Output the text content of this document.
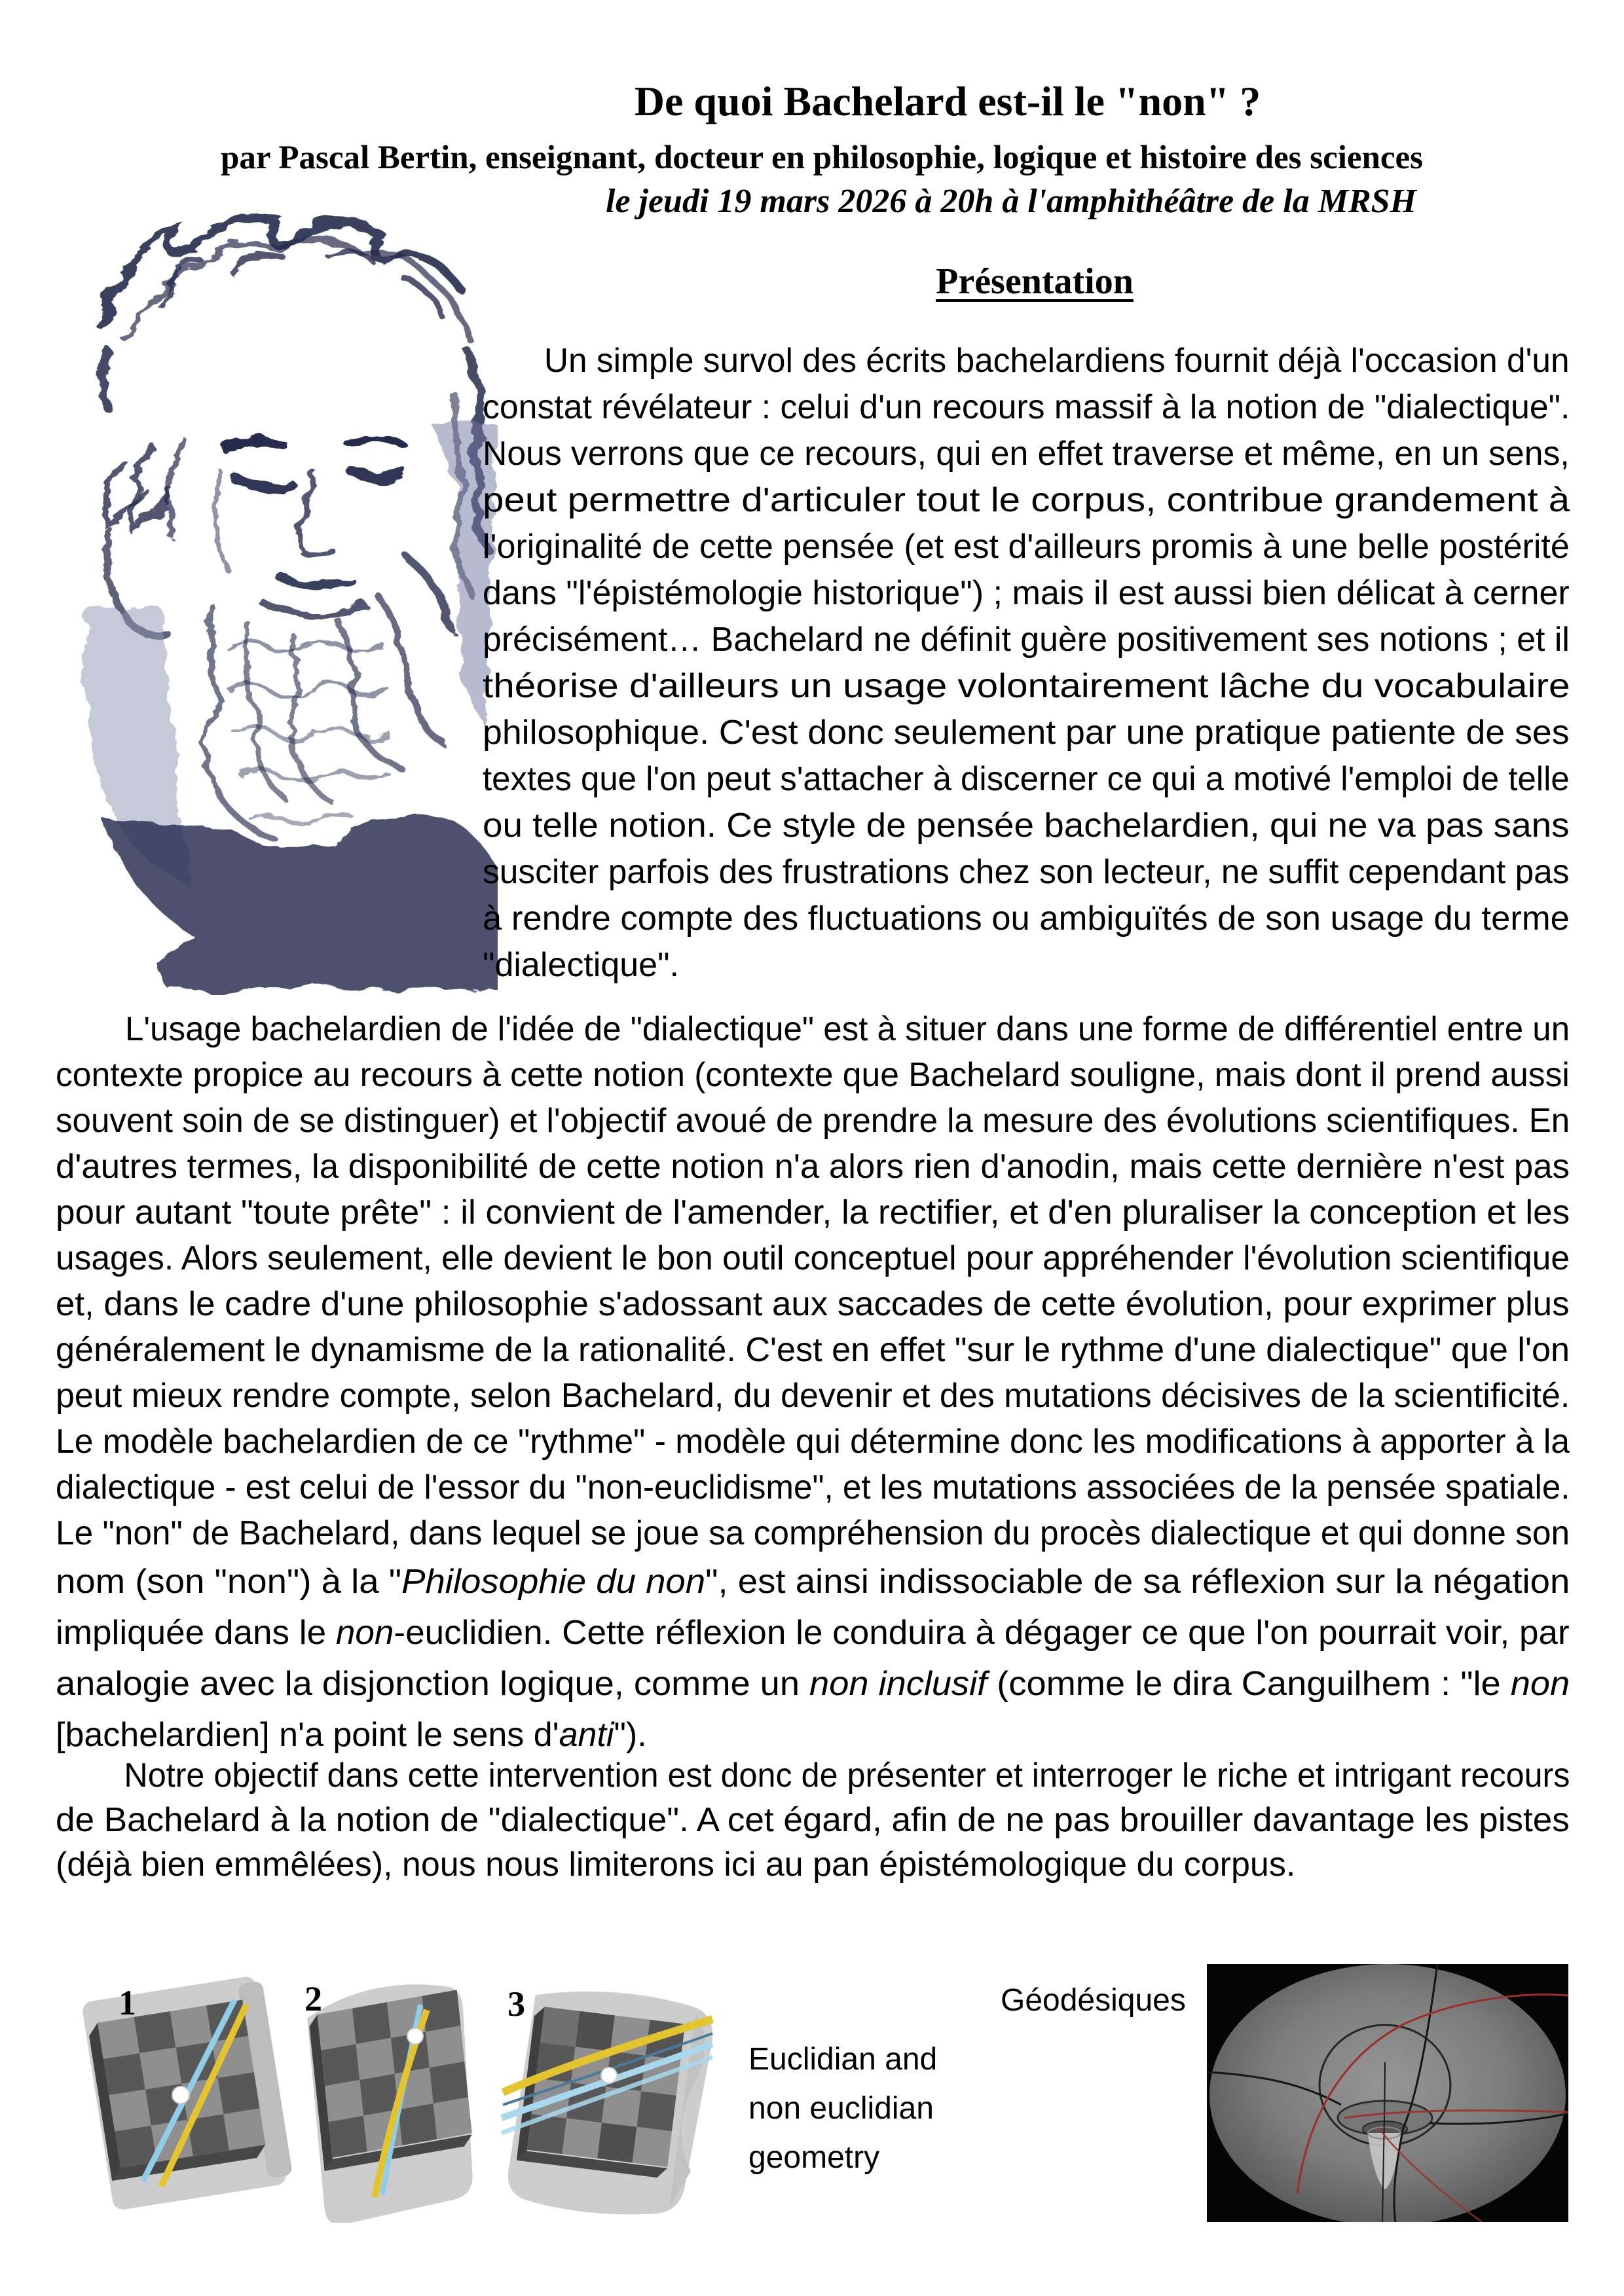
De quoi Bachelard est-il le "non" ?
par Pascal Bertin, enseignant, docteur en philosophie, logique et histoire des sciences
le jeudi 19 mars 2026 à 20h à l'amphithéâtre de la MRSH
Présentation
Un simple survol des écrits bachelardiens fournit déjà l'occasion d'un
constat révélateur : celui d'un recours massif à la notion de "dialectique".
Nous verrons que ce recours, qui en effet traverse et même, en un sens,
peut permettre d'articuler tout le corpus, contribue grandement à
l'originalité de cette pensée (et est d'ailleurs promis à une belle postérité
dans "l'épistémologie historique") ; mais il est aussi bien délicat à cerner
précisément… Bachelard ne définit guère positivement ses notions ; et il
théorise d'ailleurs un usage volontairement lâche du vocabulaire
philosophique. C'est donc seulement par une pratique patiente de ses
textes que l'on peut s'attacher à discerner ce qui a motivé l'emploi de telle
ou telle notion. Ce style de pensée bachelardien, qui ne va pas sans
susciter parfois des frustrations chez son lecteur, ne suffit cependant pas
à rendre compte des fluctuations ou ambiguïtés de son usage du terme
"dialectique".
L'usage bachelardien de l'idée de "dialectique" est à situer dans une forme de différentiel entre un
contexte propice au recours à cette notion (contexte que Bachelard souligne, mais dont il prend aussi
souvent soin de se distinguer) et l'objectif avoué de prendre la mesure des évolutions scientifiques. En
d'autres termes, la disponibilité de cette notion n'a alors rien d'anodin, mais cette dernière n'est pas
pour autant "toute prête" : il convient de l'amender, la rectifier, et d'en pluraliser la conception et les
usages. Alors seulement, elle devient le bon outil conceptuel pour appréhender l'évolution scientifique
et, dans le cadre d'une philosophie s'adossant aux saccades de cette évolution, pour exprimer plus
généralement le dynamisme de la rationalité. C'est en effet "sur le rythme d'une dialectique" que l'on
peut mieux rendre compte, selon Bachelard, du devenir et des mutations décisives de la scientificité.
Le modèle bachelardien de ce "rythme" - modèle qui détermine donc les modifications à apporter à la
dialectique - est celui de l'essor du "non-euclidisme", et les mutations associées de la pensée spatiale.
Le "non" de Bachelard, dans lequel se joue sa compréhension du procès dialectique et qui donne son
nom (son "non") à la "Philosophie du non", est ainsi indissociable de sa réflexion sur la négation
impliquée dans le non-euclidien. Cette réflexion le conduira à dégager ce que l'on pourrait voir, par
analogie avec la disjonction logique, comme un non inclusif (comme le dira Canguilhem : "le non
[bachelardien] n'a point le sens d'anti").
Notre objectif dans cette intervention est donc de présenter et interroger le riche et intrigant recours
de Bachelard à la notion de "dialectique". A cet égard, afin de ne pas brouiller davantage les pistes
(déjà bien emmêlées), nous nous limiterons ici au pan épistémologique du corpus.
1	2	3
Euclidian and
non euclidian
geometry
Géodésiques
